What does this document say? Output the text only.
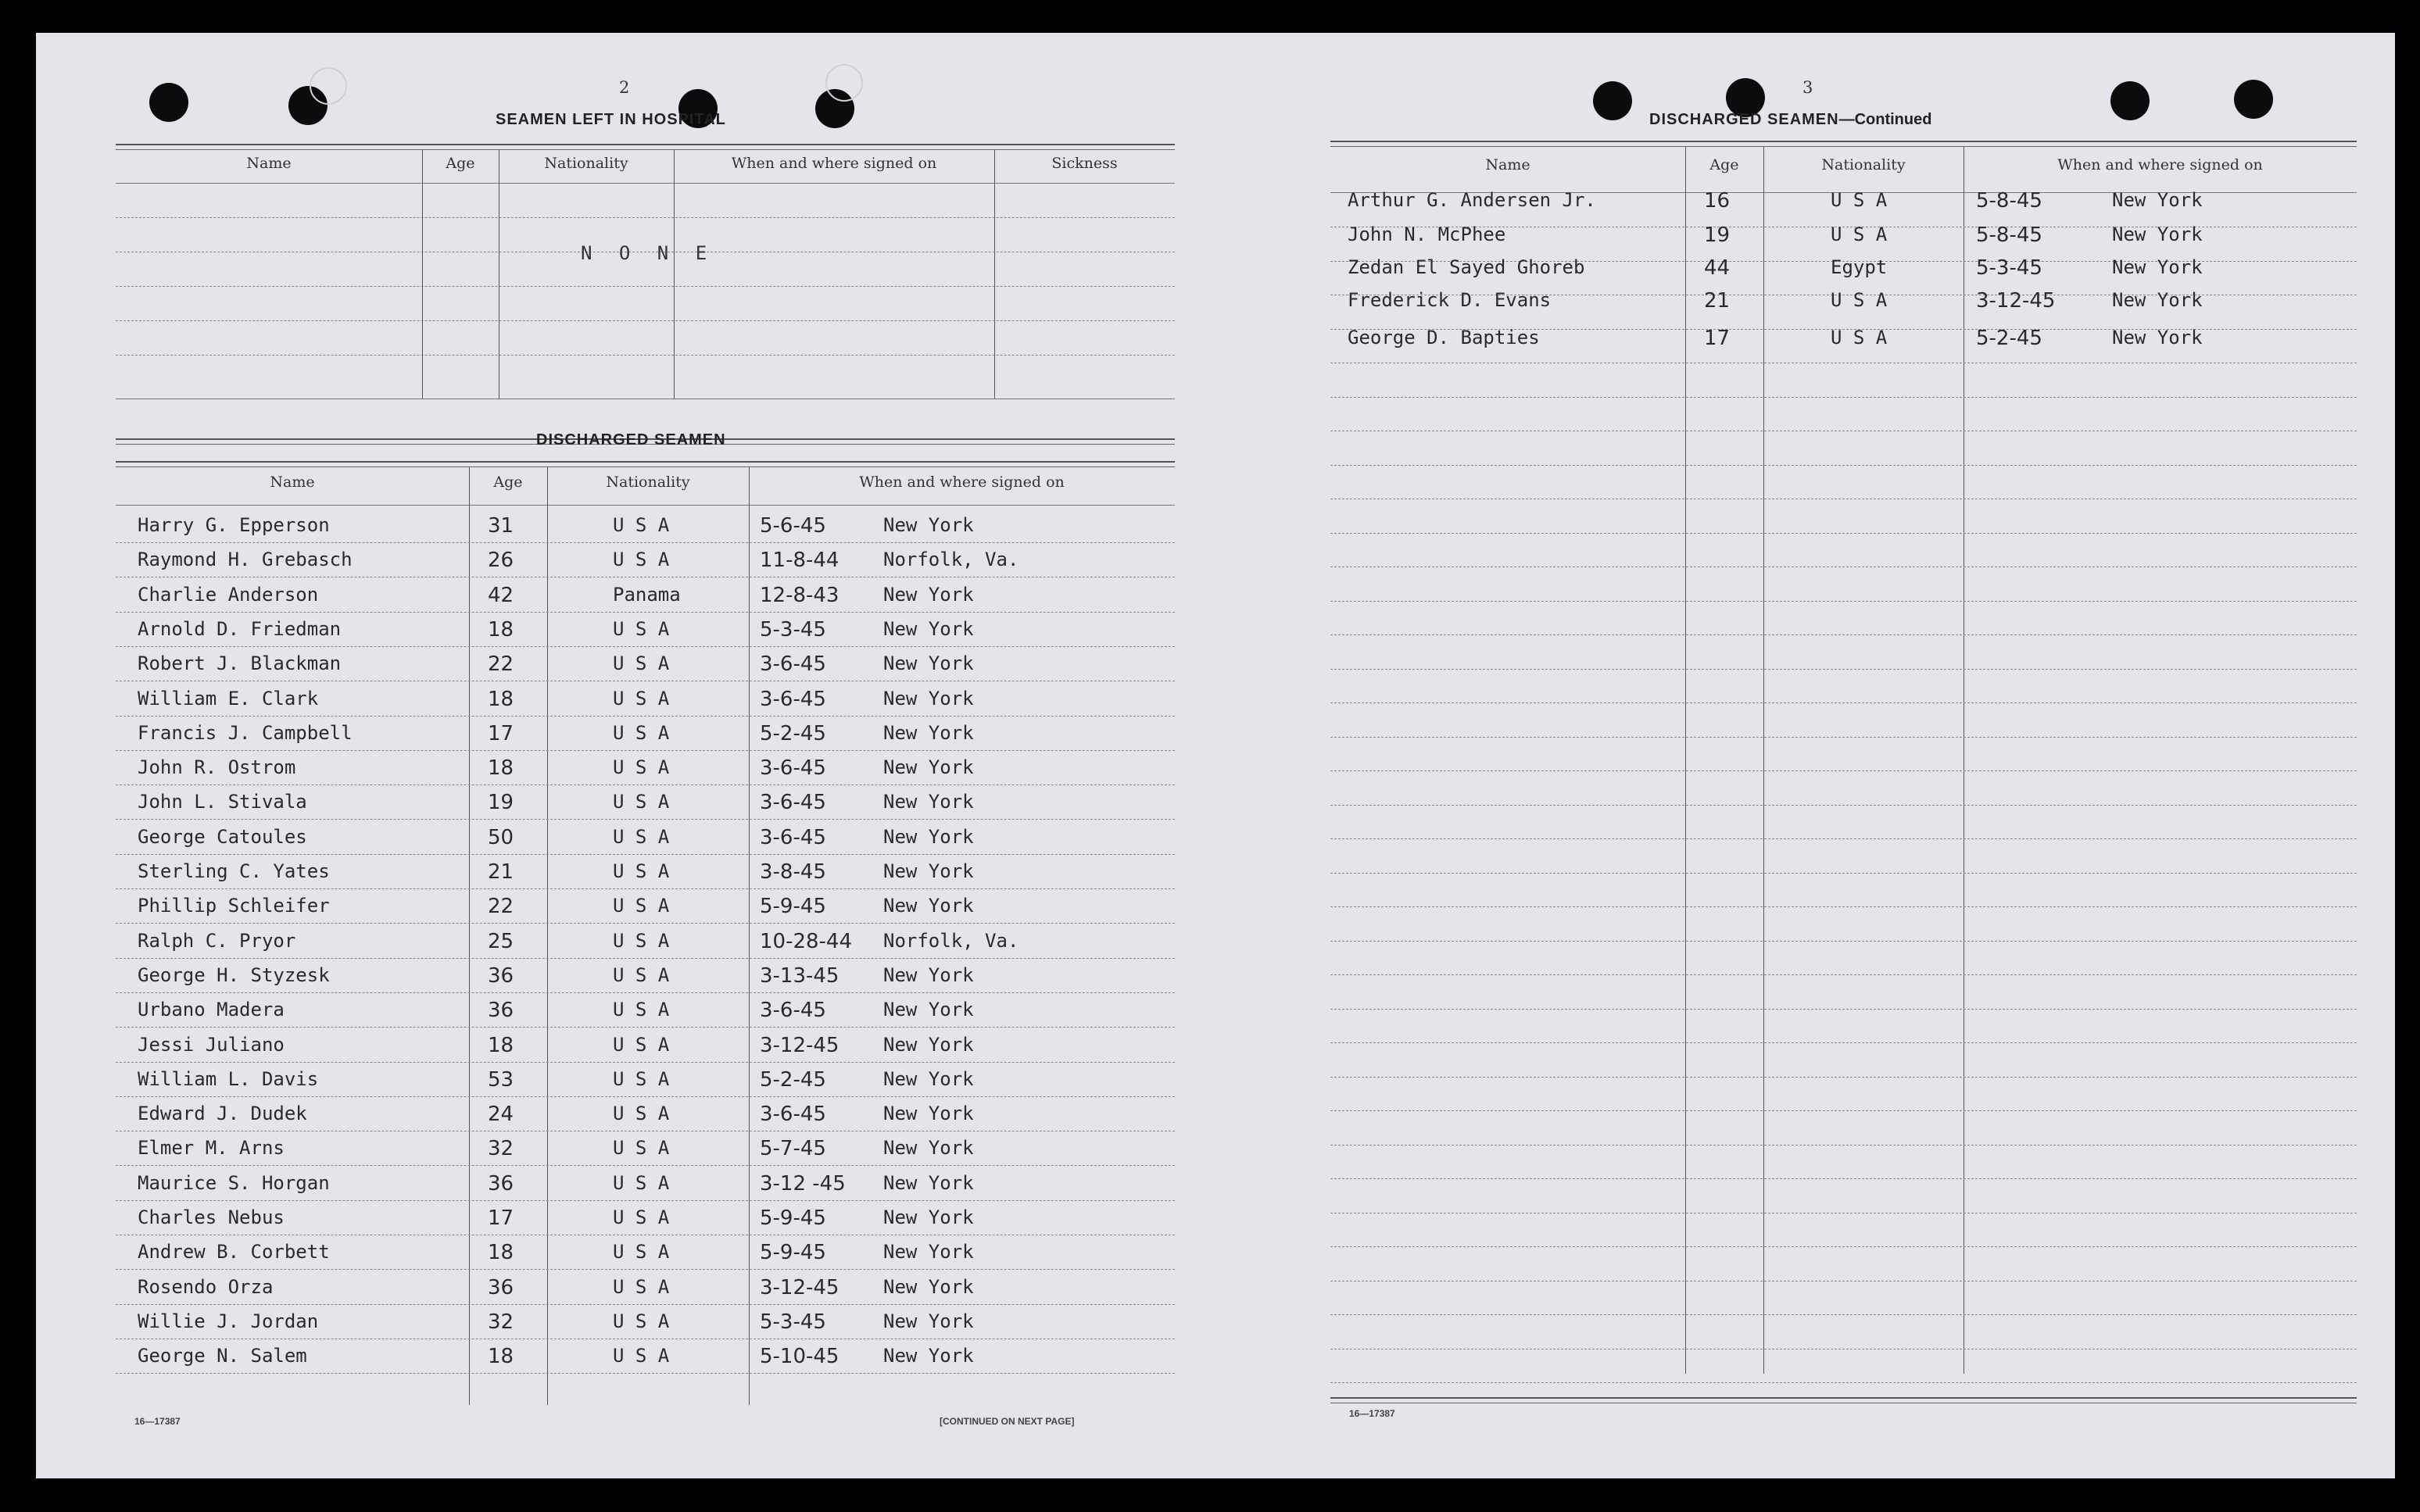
2
SEAMEN LEFT IN HOSPITAL
Name	Age	Nationality	When and where signed on	Sickness
N O N E
DISCHARGED SEAMEN
Name	Age	Nationality	When and where signed on
Harry G. Epperson	31	U S A	5-6-45	New York
Raymond H. Grebasch	26	U S A	11-8-44 Norfolk, Va.
Charlie Anderson	42	Panama	12-8-43 New York
Arnold D. Friedman	18	U S A	5-3-45	New York
Robert J. Blackman	22	U S A	3-6-45	New York
William E. Clark	18	U S A	3-6-45	New York
Francis J. Campbell	17	U S A	5-2-45	New York
John R. Ostrom	18	U S A	3-6-45	New York
John L. Stivala	19	U S A	3-6-45	New York
George Catoules	50	U S A	3-6-45	New York
Sterling C. Yates	21	U S A	3-8-45	New York
Phillip Schleifer	22	U S A	5-9-45	New York
Ralph C. Pryor	25	U S A	10-28-44 Norfolk, Va.
George H. Styzesk	36	U S A	3-13-45 New York
Urbano Madera	36	U S A	3-6-45	New York
Jessi Juliano	18	U S A	3-12-45 New York
William L. Davis	53	U S A	5-2-45	New York
Edward J. Dudek	24	U S A	3-6-45	New York
Elmer M. Arns	32	U S A	5-7-45	New York
Maurice S. Horgan	36	U S A	3-12 -45 New York
Charles Nebus	17	U S A	5-9-45	New York
Andrew B. Corbett	18	U S A	5-9-45	New York
Rosendo Orza	36	U S A	3-12-45 New York
Willie J. Jordan	32	U S A	5-3-45	New York
George N. Salem	18	U S A	5-10-45 New York
16—17387	[CONTINUED ON NEXT PAGE]
3
DISCHARGED SEAMEN—Continued
Name	Age	Nationality	When and where signed on
Arthur G. Andersen Jr.	16	U S A	5-8-45	New York
John N. McPhee	19	U S A	5-8-45	New York
Zedan El Sayed Ghoreb	44	Egypt	5-3-45	New York
Frederick D. Evans	21	U S A	3-12-45	New York
George D. Bapties	17	U S A	5-2-45	New York
16—17387
